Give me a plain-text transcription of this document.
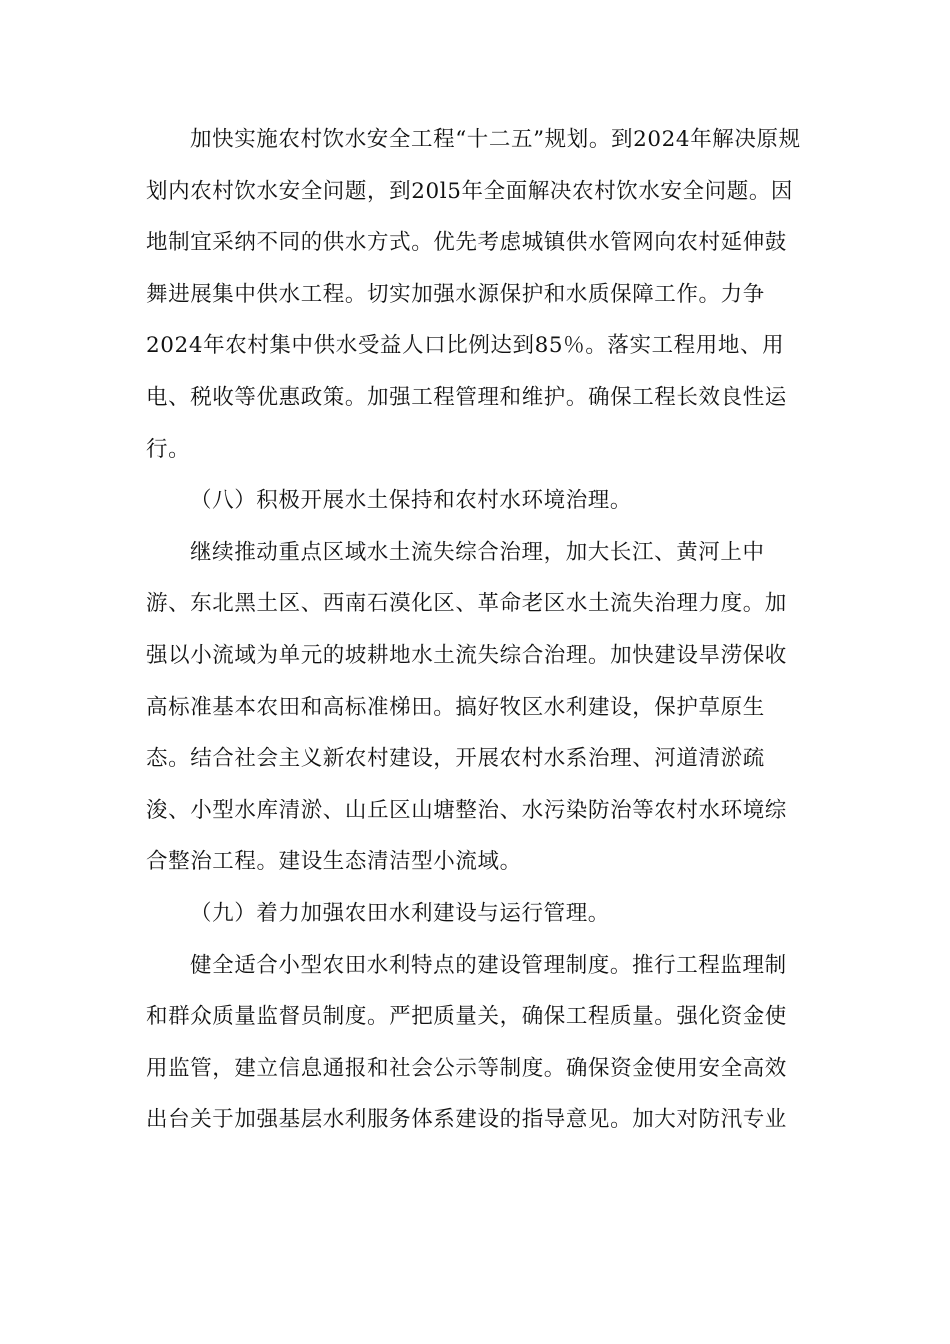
加快实施农村饮水安全工程“十二五”规划。到2024年解决原规
划内农村饮水安全问题，到20l5年全面解决农村饮水安全问题。因
地制宜采纳不同的供水方式。优先考虑城镇供水管网向农村延伸鼓
舞进展集中供水工程。切实加强水源保护和水质保障工作。力争
2024年农村集中供水受益人口比例达到85％。落实工程用地、用
电、税收等优惠政策。加强工程管理和维护。确保工程长效良性运
行。
（八）积极开展水土保持和农村水环境治理。
继续推动重点区域水土流失综合治理，加大长江、黄河上中
游、东北黑土区、西南石漠化区、革命老区水土流失治理力度。加
强以小流域为单元的坡耕地水土流失综合治理。加快建设旱涝保收
高标准基本农田和高标准梯田。搞好牧区水利建设，保护草原生
态。结合社会主义新农村建设，开展农村水系治理、河道清淤疏
浚、小型水库清淤、山丘区山塘整治、水污染防治等农村水环境综
合整治工程。建设生态清洁型小流域。
（九）着力加强农田水利建设与运行管理。
健全适合小型农田水利特点的建设管理制度。推行工程监理制
和群众质量监督员制度。严把质量关，确保工程质量。强化资金使
用监管，建立信息通报和社会公示等制度。确保资金使用安全高效
出台关于加强基层水利服务体系建设的指导意见。加大对防汛专业
